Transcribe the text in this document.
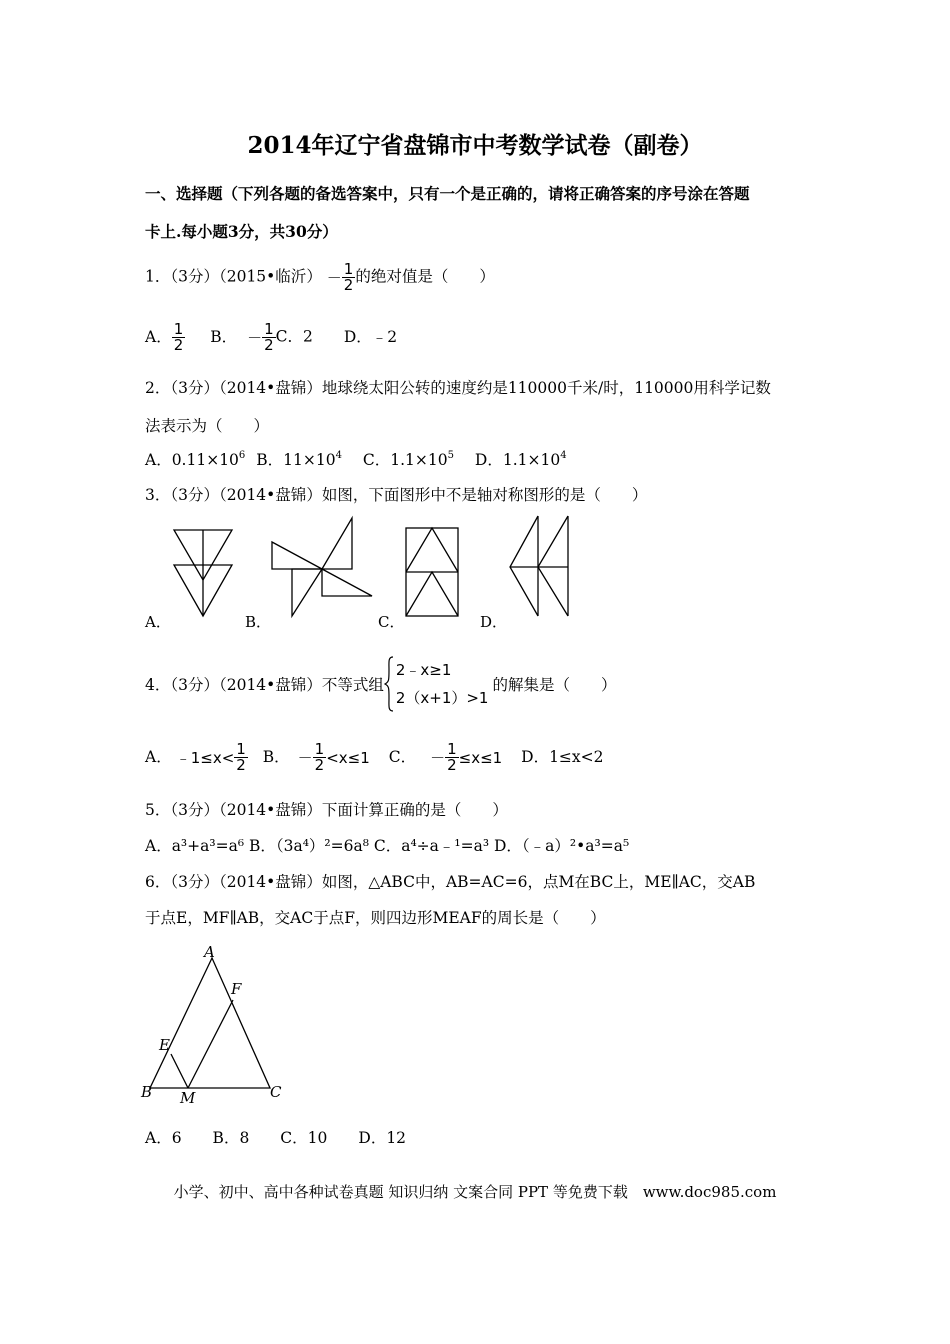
2014年辽宁省盘锦市中考数学试卷（副卷）
一、选择题（下列各题的备选答案中，只有一个是正确的，请将正确答案的序号涂在答题
卡上.每小题3分，共30分）
1．（3分）（2015•临沂） － $\frac{1}{2}$ 的绝对值是（　　）
A． $\frac{1}{2}$ B． － $\frac{1}{2}$ C．2 D．﹣2
2．（3分）（2014•盘锦）地球绕太阳公转的速度约是110000千米/时，110000用科学记数
法表示为（　　）
A．$0.11\times 10^6$ B．$11\times 10^4$ C．$1.1\times 10^5$ D．$1.1\times 10^4$
3．（3分）（2014•盘锦）如图，下面图形中不是轴对称图形的是（　　）
A．	B．	C．	D．
4．（3分）（2014•盘锦）不等式组
2﹣x≥1
2（x+1）>1
的解集是（　　）
A． ﹣1≤x< $\frac{1}{2}$ B． － $\frac{1}{2} <x\le 1$ C． － $\frac{1}{2} \le x\le 1$ D．1≤x<2
5．（3分）（2014•盘锦）下面计算正确的是（　　）
A．a³+a³=a⁶ B．（3a⁴）²=6a⁸ C．a⁴÷a﹣¹=a³ D．（﹣a）²•a³=a⁵
6．（3分）（2014•盘锦）如图，△ABC中，AB=AC=6，点M在BC上，ME∥AC，交AB
于点E，MF∥AB，交AC于点F，则四边形MEAF的周长是（　　）
A
F
E
B M	C
A．6　　B．8　　C．10　　D．12
小学、初中、高中各种试卷真题 知识归纳 文案合同 PPT 等免费下载　www.doc985.com
